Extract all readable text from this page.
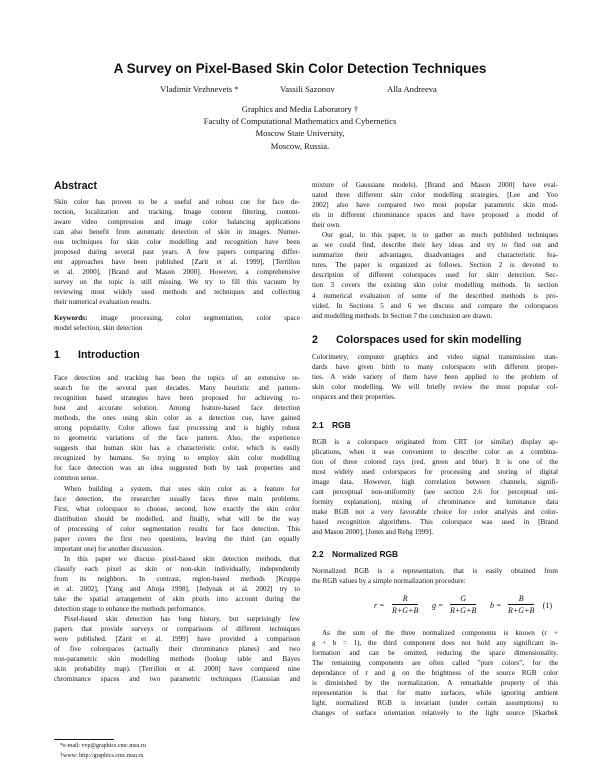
A Survey on Pixel-Based Skin Color Detection Techniques
Vladimir Vezhnevets *	Vassili Sazonov	Alla Andreeva
Graphics and Media Laboratory †
Faculty of Computational Mathematics and Cybernetics
Moscow State University,
Moscow, Russia.
Abstract
Skin color has proven to be a useful and robust cue for face de-
tection, localization and tracking. Image content filtering, content-
aware video compression and image color balancing applications
can also benefit from automatic detection of skin in images. Numer-
ous techniques for skin color modelling and recognition have been
proposed during several past years. A few papers comparing differ-
ent approaches have been published [Zarit et al. 1999], [Terrillon
et al. 2000], [Brand and Mason 2000]. However, a comprehensive
survey on the topic is still missing. We try to fill this vacuum by
reviewing most widely used methods and techniques and collecting
their numerical evaluation results.
Keywords: image processing, color segmentation, color space
model selection, skin detection
1 Introduction
Face detection and tracking has been the topics of an extensive re-
search for the several past decades. Many heuristic and pattern-
recognition based strategies have been proposed for achieving ro-
bust and accurate solution. Among feature-based face detection
methods, the ones using skin color as a detection cue, have gained
strong popularity. Color allows fast processing and is highly robust
to geometric variations of the face pattern. Also, the experience
suggests that human skin has a characteristic color, which is easily
recognized by humans. So trying to employ skin color modelling
for face detection was an idea suggested both by task properties and
common sense.
When building a system, that uses skin color as a feature for
face detection, the researcher usually faces three main problems.
First, what colorspace to choose, second, how exactly the skin color
distribution should be modelled, and finally, what will be the way
of processing of color segmentation results for face detection. This
paper covers the first two questions, leaving the third (an equally
important one) for another discussion.
In this paper we discuss pixel-based skin detection methods, that
classify each pixel as skin or non-skin individually, independently
from its neighbors. In contrast, region-based methods [Kruppa
et al. 2002], [Yang and Ahuja 1998], [Jedynak et al. 2002] try to
take the spatial arrangement of skin pixels into account during the
detection stage to enhance the methods performance.
Pixel-based skin detection has long history, but surprisingly few
papers that provide surveys or comparisons of different techniques
were published. [Zarit et al. 1999] have provided a comparison
of five colorspaces (actually their chrominance planes) and two
non-parametric skin modelling methods (lookup table and Bayes
skin probability map). [Terrillon et al. 2000] have compared nine
chrominance spaces and two parametric techniques (Gaussian and
*e-mail: vvp@graphics.cmc.msu.ru
†www: http://graphics.cmc.msu.ru
mixture of Gaussians models). [Brand and Mason 2000] have eval-
uated three different skin color modelling strategies. [Lee and Yoo
2002] also have compared two most popular parametric skin mod-
els in different chrominance spaces and have proposed a model of
their own.
Our goal, in this paper, is to gather as much published techniques
as we could find, describe their key ideas and try to find out and
summarize their advantages, disadvantages and characteristic fea-
tures. The paper is organized as follows. Section 2 is devoted to
description of different colorspaces used for skin detection. Sec-
tion 3 covers the existing skin color modelling methods. In section
4 numerical evaluation of some of the described methods is pro-
vided. In Sections 5 and 6 we discuss and compare the colorspaces
and modelling methods. In Section 7 the conclusion are drawn.
2 Colorspaces used for skin modelling
Colorimetry, computer graphics and video signal transmission stan-
dards have given birth to many colorspaces with different proper-
ties. A wide variety of them have been applied to the problem of
skin color modelling. We will briefly review the most popular col-
orspaces and their properties.
2.1 RGB
RGB is a colorspace originated from CRT (or similar) display ap-
plications, when it was convenient to describe color as a combina-
tion of three colored rays (red, green and blue). It is one of the
most widely used colorspaces for processing and storing of digital
image data. However, high correlation between channels, signifi-
cant perceptual non-uniformity (see section 2.6 for perceptual uni-
formity explanation), mixing of chrominance and luminance data
make RGB not a very favorable choice for color analysis and color-
based recognition algorithms. This colorspace was used in [Brand
and Mason 2000], [Jones and Rehg 1999].
2.2 Normalized RGB
Normalized RGB is a representation, that is easily obtained from
the RGB values by a simple normalization procedure:
$r = \frac{R}{R+G+B}$ $g = \frac{G}{R+G+B}$ $b = \frac{B}{R+G+B} (1)$
As the sum of the three normalized components is known (r +
g + b = 1), the third component does not hold any significant in-
formation and can be omitted, reducing the space dimensionality.
The remaining components are often called "pure colors", for the
dependance of r and g on the brightness of the source RGB color
is diminished by the normalization. A remarkable property of this
representation is that for matte surfaces, while ignoring ambient
light, normalized RGB is invariant (under certain assumptions) to
changes of surface orientation relatively to the light source [Skarbek
